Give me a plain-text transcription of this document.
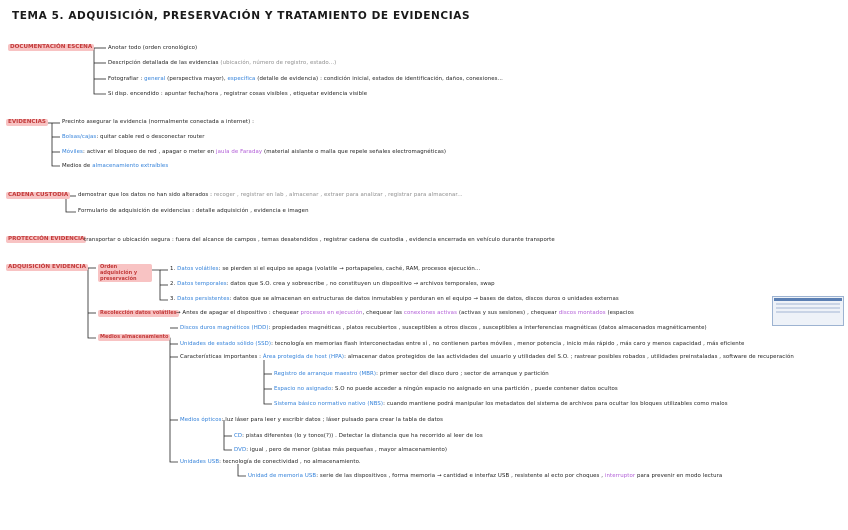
TEMA 5. ADQUISICIÓN, PRESERVACIÓN Y TRATAMIENTO DE EVIDENCIAS
DOCUMENTACIÓN ESCENA	Anotar todo (orden cronológico)
Descripción detallada de las evidencias (ubicación, número de registro, estado...)
Fotografiar : general (perspectiva mayor), específica (detalle de evidencia) : condición inicial, estados de identificación, daños, conexiones...
Si disp. encendido : apuntar fecha/hora , registrar cosas visibles , etiquetar evidencia visible
EVIDENCIAS	Precinto asegurar la evidencia (normalmente conectada a internet) :
Bolsas/cajas: quitar cable red o desconectar router
Móviles: activar el bloqueo de red , apagar o meter en jaula de Faraday (material aislante o malla que repele señales electromagnéticas)
Medios de almacenamiento extraíbles
CADENA CUSTODIA	demostrar que los datos no han sido alterados : recoger , registrar en lab , almacenar , extraer para analizar , registrar para almacenar...
Formulario de adquisición de evidencias : detalle adquisición , evidencia e imagen
PROTECCIÓN EVIDENCIA transportar o ubicación segura : fuera del alcance de campos , temas desatendidos , registrar cadena de custodia , evidencia encerrada en vehículo durante transporte
ADQUISICIÓN EVIDENCIA	Orden adquisición y preservación
1. Datos volátiles: se pierden si el equipo se apaga (volatile → portapapeles, caché, RAM, procesos ejecución...
2. Datos temporales: datos que S.O. crea y sobrescribe , no constituyen un dispositivo → archivos temporales, swap
3. Datos persistentes: datos que se almacenan en estructuras de datos inmutables y perduran en el equipo → bases de datos, discos duros o unidades externas
Recolección datos volátiles → Antes de apagar el dispositivo : chequear procesos en ejecución, chequear las conexiones activas (activas y sus sesiones) , chequear discos montados (espacios
Medios almacenamiento
Discos duros magnéticos (HDD): propiedades magnéticas , platos recubiertos , susceptibles a otros discos , susceptibles a interferencias magnéticas (datos almacenados magnéticamente)
Unidades de estado sólido (SSD): tecnología en memorias flash interconectadas entre sí , no contienen partes móviles , menor potencia , inicio más rápido , más caro y menos capacidad , más eficiente
Características importantes : Área protegida de host (HPA): almacenar datos protegidos de las actividades del usuario y utilidades del S.O. ; rastrear posibles robados , utilidades preinstaladas , software de recuperación
Registro de arranque maestro (MBR): primer sector del disco duro ; sector de arranque y partición
Espacio no asignado: S.O no puede acceder a ningún espacio no asignado en una partición , puede contener datos ocultos
Sistema básico normativo nativo (NBS): cuando mantiene podrá manipular los metadatos del sistema de archivos para ocultar los bloques utilizables como malos
Medios ópticos: luz láser para leer y escribir datos ; láser pulsado para crear la tabla de datos
CD: pistas diferentes (lo y tonos(?)) . Detectar la distancia que ha recorrido al leer de los
DVD: igual , pero de menor (pistas más pequeñas , mayor almacenamiento)
Unidades USB: tecnología de conectividad , no almacenamiento.
Unidad de memoria USB: serie de las dispositivos , forma memoria → cantidad e interfaz USB , resistente al ecto por choques , interruptor para prevenir en modo lectura
